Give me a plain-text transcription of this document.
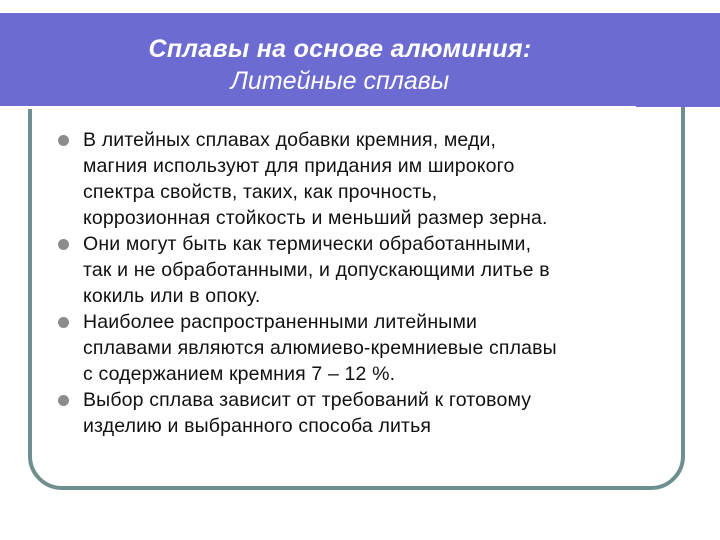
Сплавы на основе алюминия:
Литейные сплавы
В литейных сплавах добавки кремния, меди,
магния используют для придания им широкого
спектра свойств, таких, как прочность,
коррозионная стойкость и меньший размер зерна.
Они могут быть как термически обработанными,
так и не обработанными, и допускающими литье в
кокиль или в опоку.
Наиболее распространенными литейными
сплавами являются алюмиево-кремниевые сплавы
с содержанием кремния 7 – 12 %.
Выбор сплава зависит от требований к готовому
изделию и выбранного способа литья
